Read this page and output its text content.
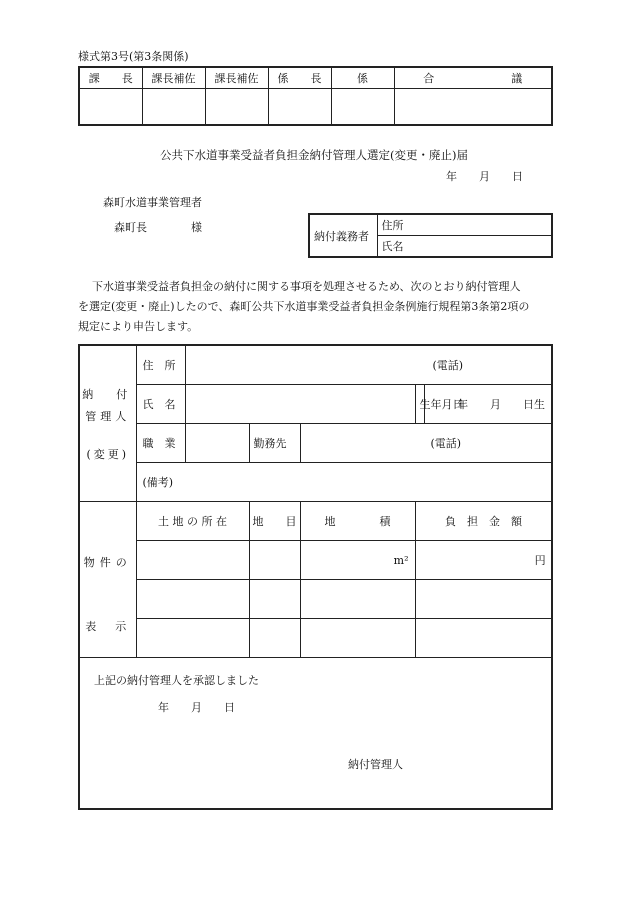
様式第3号(第3条関係)
課　　長	課長補佐	課長補佐	係　　長	係	合　　　　　　　議

公共下水道事業受益者負担金納付管理人選定(変更・廃止)届
年　　月　　日
森町水道事業管理者
森町長　　　　様
納付義務者	住所
氏名
下水道事業受益者負担金の納付に関する事項を処理させるため、次のとおり納付管理人
を選定(変更・廃止)したので、森町公共下水道事業受益者負担金条例施行規程第3条第2項の
規定により申告します。
納　付
管理人
(変更)	住　所	(電話)				
	氏　名				生年月日	年　　月　　日生
	職　業		勤務先	(電話)		
	(備考)					

物件の
表　示	土 地 の 所 在		地　　目	地　　　　積	負　担　金　額	
				m²	円	

上記の納付管理人を承認しました
年　　月　　日
納付管理人						
